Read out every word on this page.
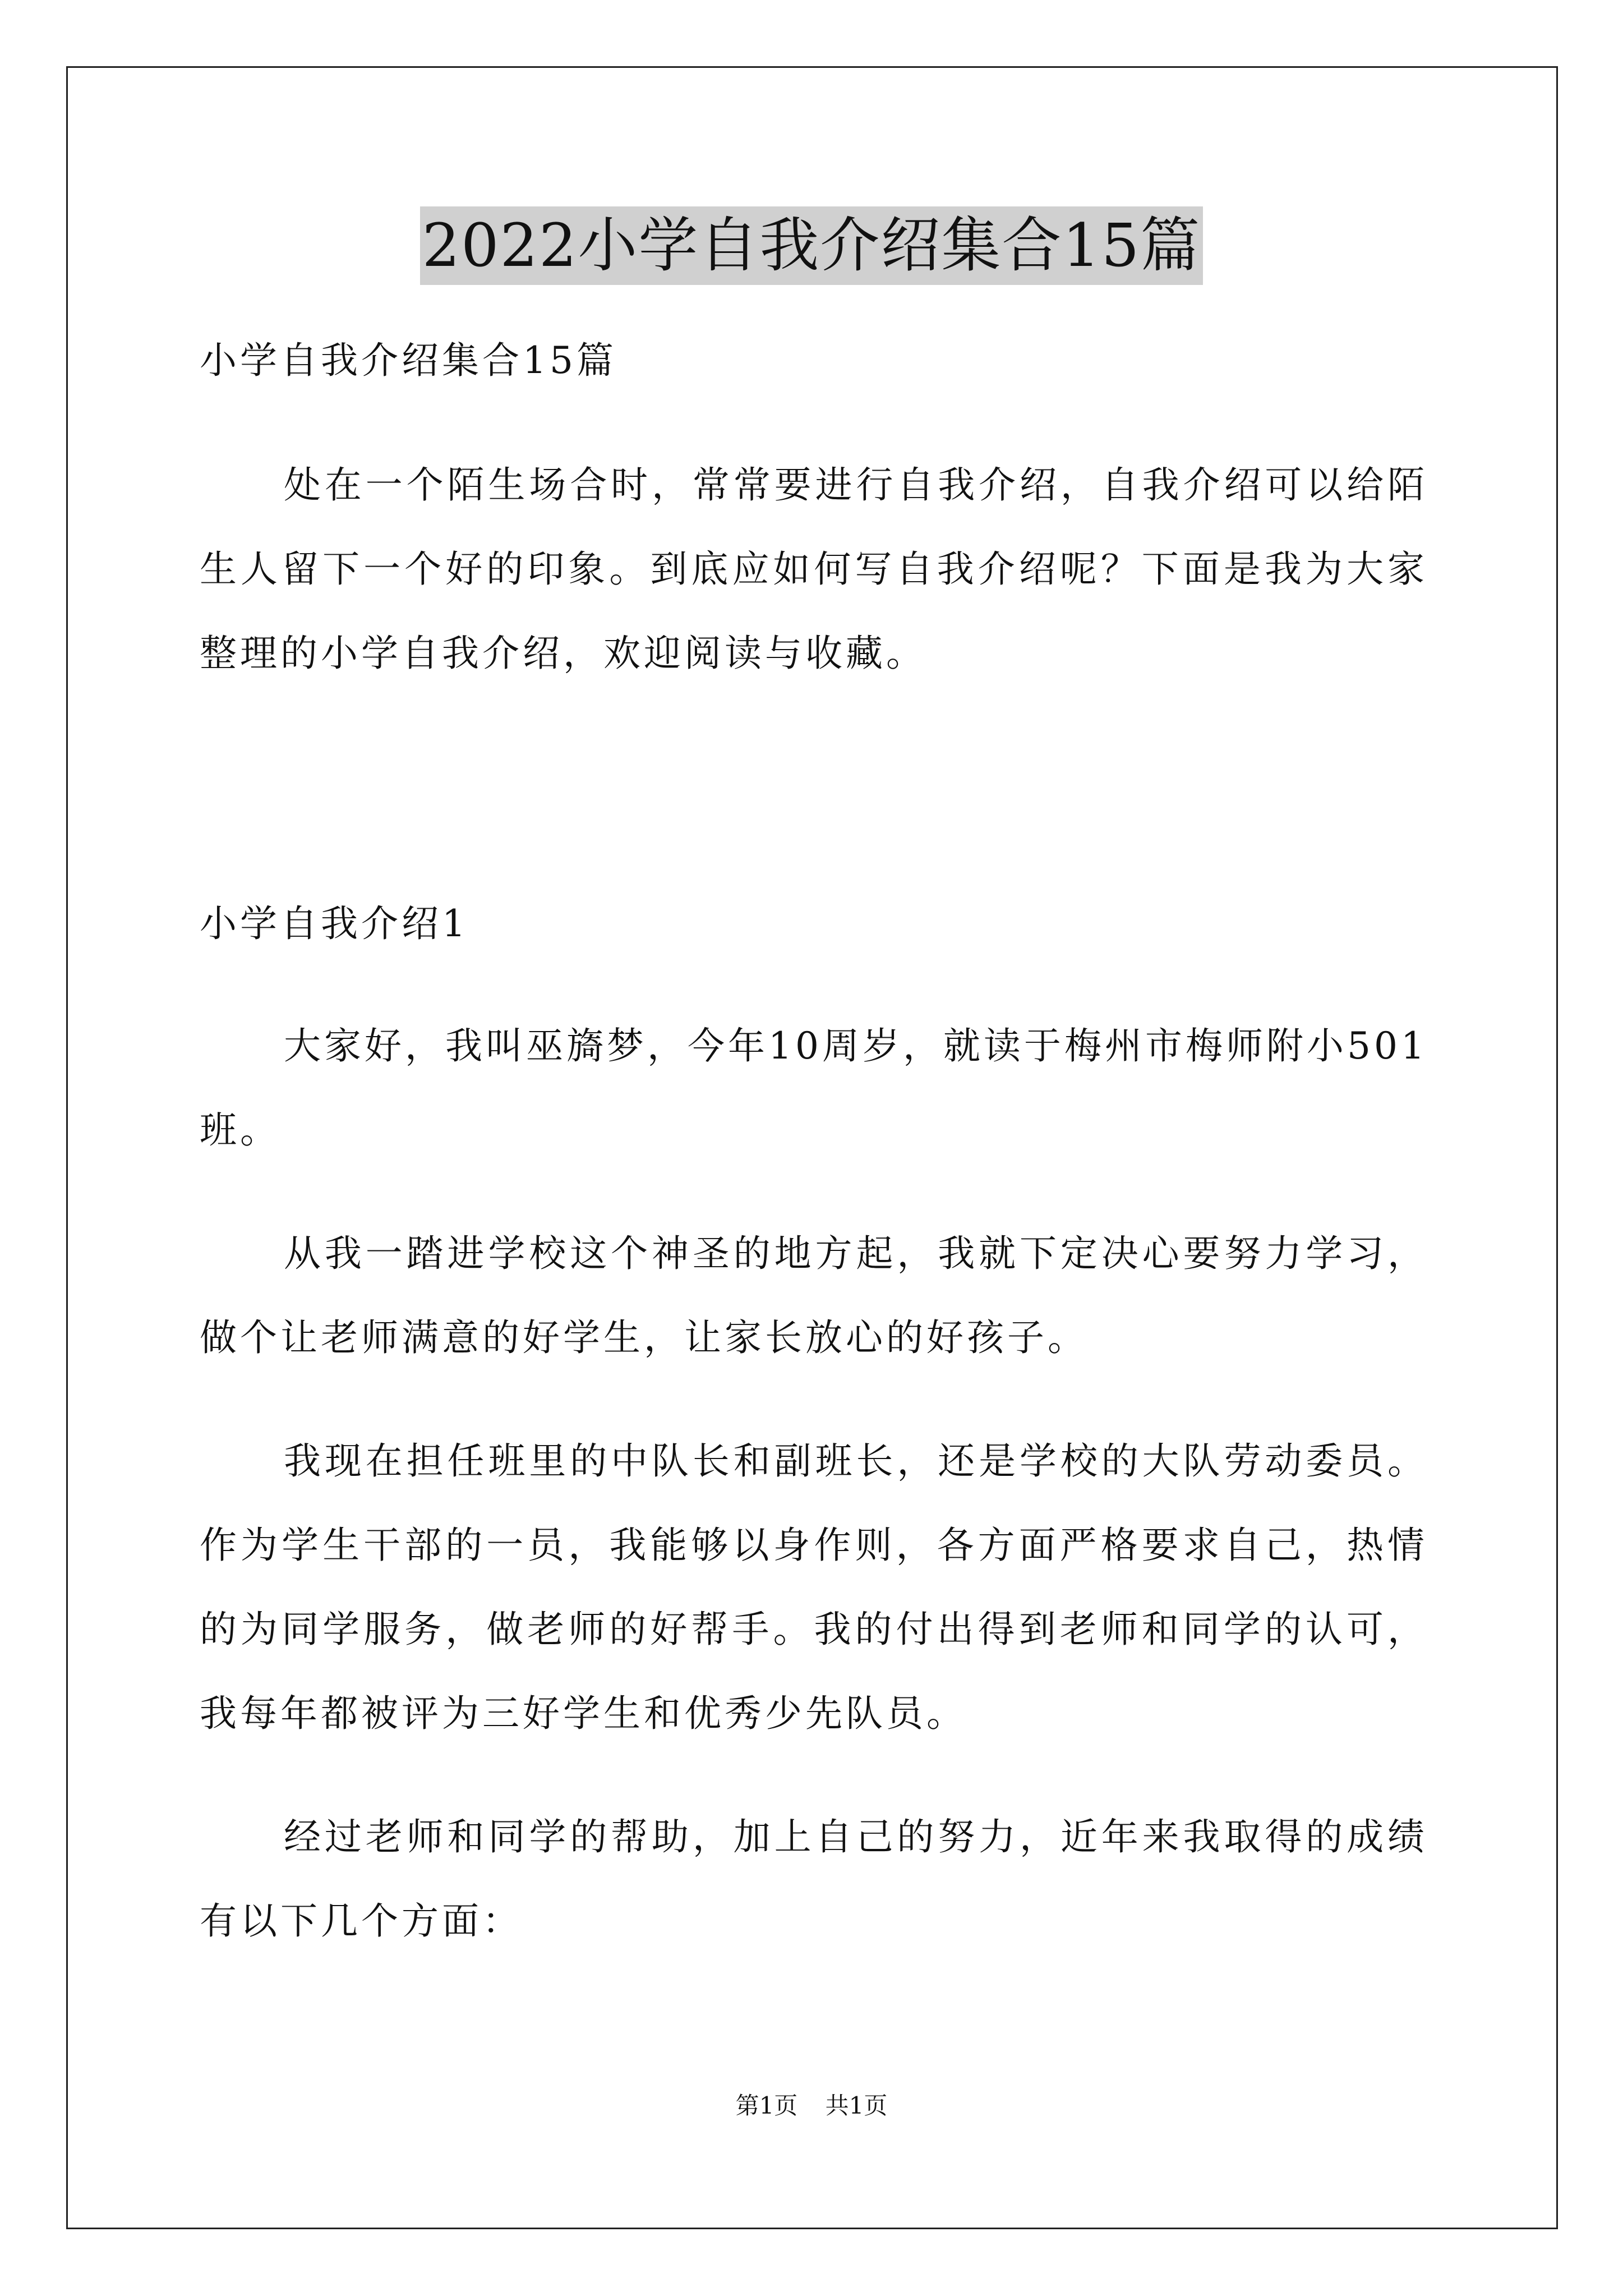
2022小学自我介绍集合15篇
小学自我介绍集合15篇
处在一个陌生场合时，常常要进行自我介绍，自我介绍可以给陌生人留下一个好的印象。到底应如何写自我介绍呢？下面是我为大家整理的小学自我介绍，欢迎阅读与收藏。
小学自我介绍1
大家好，我叫巫旖梦，今年10周岁，就读于梅州市梅师附小501班。
从我一踏进学校这个神圣的地方起，我就下定决心要努力学习，做个让老师满意的好学生，让家长放心的好孩子。
我现在担任班里的中队长和副班长，还是学校的大队劳动委员。作为学生干部的一员，我能够以身作则，各方面严格要求自己，热情的为同学服务，做老师的好帮手。我的付出得到老师和同学的认可，我每年都被评为三好学生和优秀少先队员。
经过老师和同学的帮助，加上自己的努力，近年来我取得的成绩有以下几个方面：
第1页 共1页
